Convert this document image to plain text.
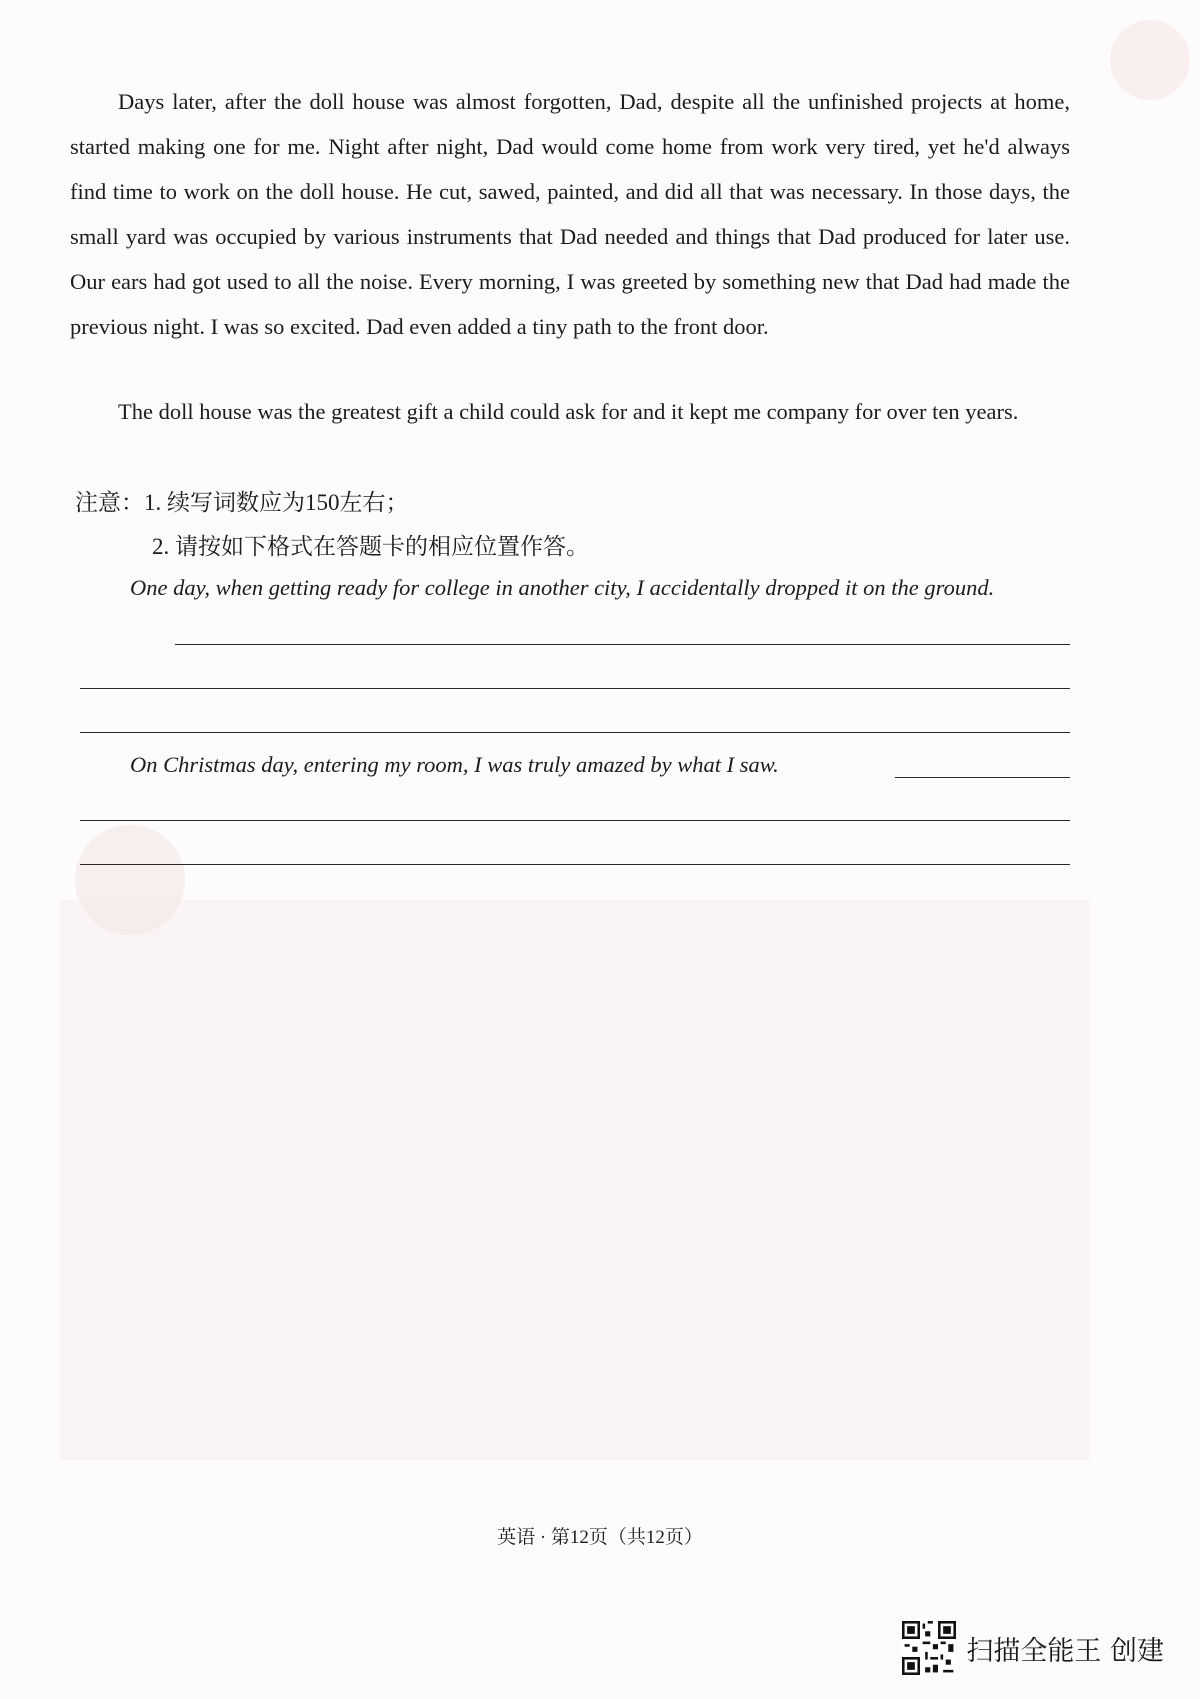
Days later, after the doll house was almost forgotten, Dad, despite all the unfinished projects at home, started making one for me. Night after night, Dad would come home from work very tired, yet he'd always find time to work on the doll house. He cut, sawed, painted, and did all that was necessary. In those days, the small yard was occupied by various instruments that Dad needed and things that Dad produced for later use. Our ears had got used to all the noise. Every morning, I was greeted by something new that Dad had made the previous night. I was so excited. Dad even added a tiny path to the front door.
The doll house was the greatest gift a child could ask for and it kept me company for over ten years.
注意：1. 续写词数应为150左右；
2. 请按如下格式在答题卡的相应位置作答。
One day, when getting ready for college in another city, I accidentally dropped it on the ground.
On Christmas day, entering my room, I was truly amazed by what I saw.
英语 · 第12页（共12页）
扫描全能王 创建
